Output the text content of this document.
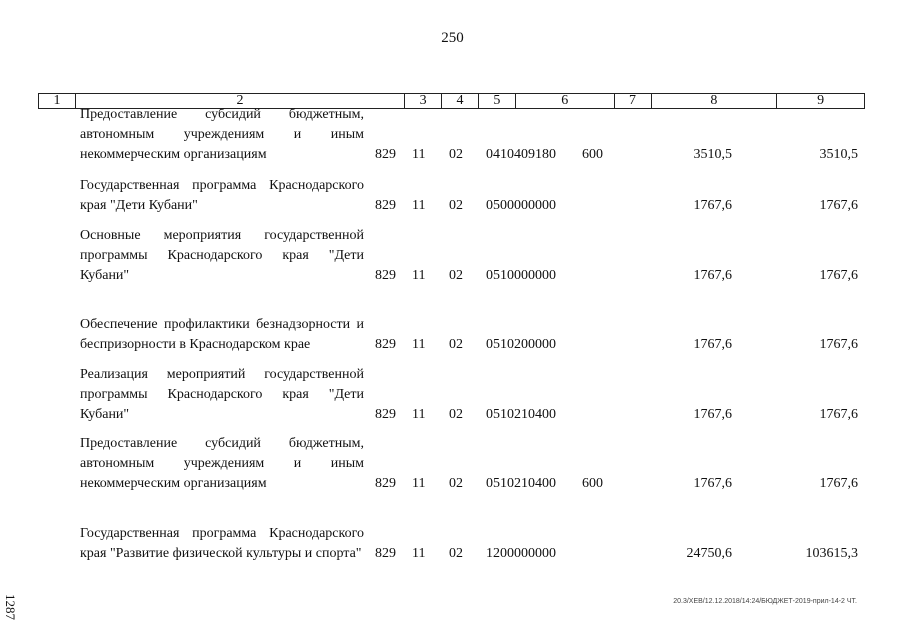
250
1	2	3	4	5	6	7	8	9
Предоставление субсидий бюджетным, автономным учреждениям и иным некоммерческим организациям	829 11 02 0410409180 600	3510,5	3510,5
Государственная программа Краснодарского края "Дети Кубани"	829 11 02 0500000000	1767,6	1767,6
Основные мероприятия государственной программы Краснодарского края "Дети Кубани"	829 11 02 0510000000	1767,6	1767,6
Обеспечение профилактики безнадзорности и беспризорности в Краснодарском крае	829 11 02 0510200000	1767,6	1767,6
Реализация мероприятий государственной программы Краснодарского края "Дети Кубани"	829 11 02 0510210400	1767,6	1767,6
Предоставление субсидий бюджетным, автономным учреждениям и иным некоммерческим организациям	829 11 02 0510210400 600	1767,6	1767,6
Государственная программа Краснодарского края "Развитие физической культуры и спорта" 829 11 02 1200000000	24750,6	103615,3
20.3/ХЕВ/12.12.2018/14:24/БЮДЖЕТ-2019-прил-14-2 ЧТ.
1287
